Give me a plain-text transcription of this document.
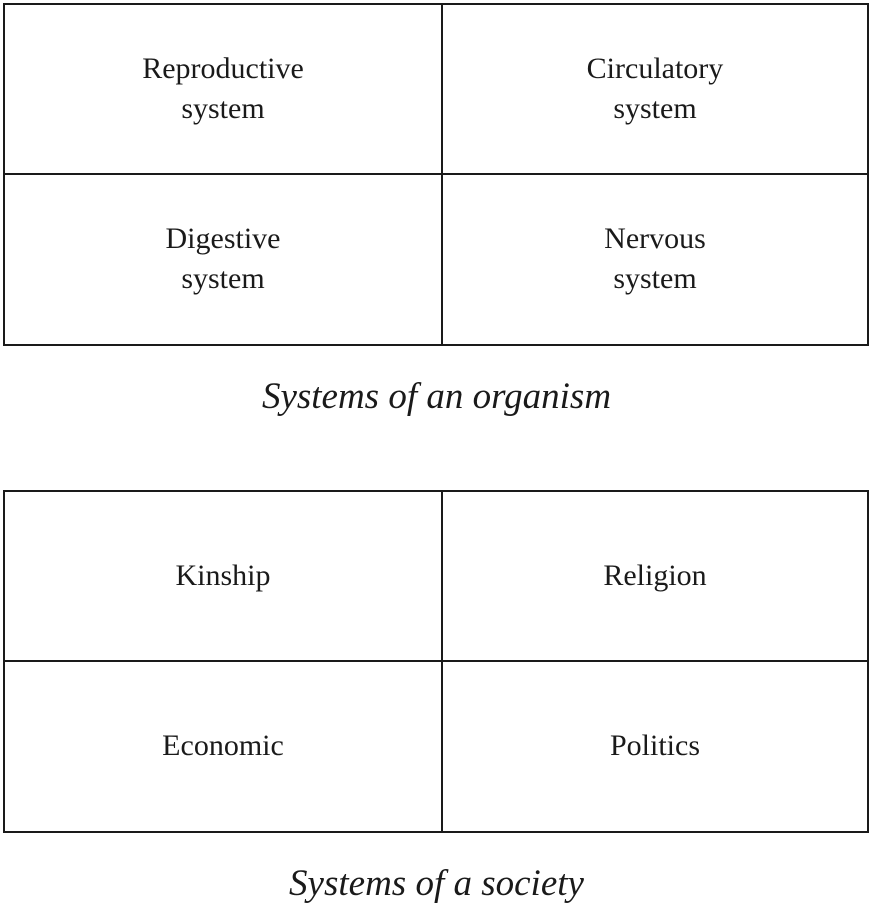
Reproductive
system
Circulatory
system
Digestive
system
Nervous
system
Systems of an organism
Kinship	Religion
Economic	Politics
Systems of a society
